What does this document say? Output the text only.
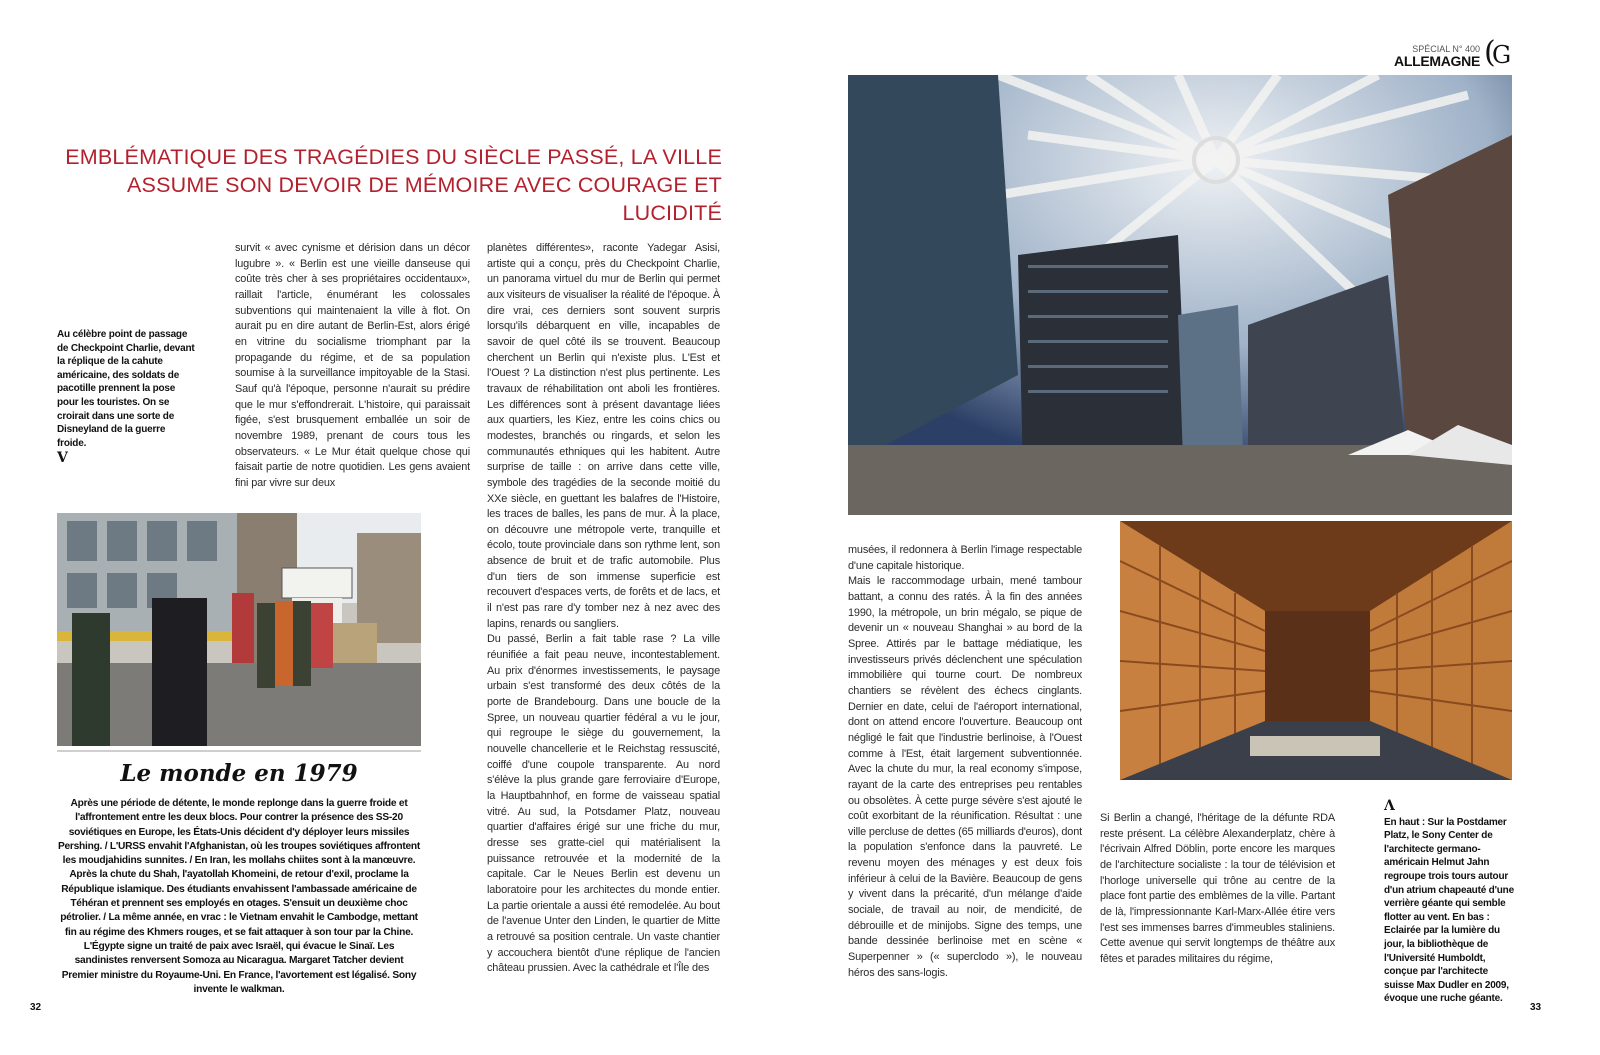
SPÉCIAL N° 400
ALLEMAGNE (
G
EMBLÉMATIQUE DES TRAGÉDIES DU SIÈCLE PASSÉ, LA VILLE
ASSUME SON DEVOIR DE MÉMOIRE AVEC COURAGE ET LUCIDITÉ
Au célèbre point de passage de Checkpoint Charlie, devant la réplique de la cahute américaine, des soldats de pacotille prennent la pose pour les touristes. On se croirait dans une sorte de Disneyland de la guerre froide.
V

survit « avec cynisme et dérision dans un décor lugubre ». « Berlin est une vieille danseuse qui coûte très cher à ses propriétaires occidentaux», raillait l'article, énumérant les colossales subventions qui maintenaient la ville à flot. On aurait pu en dire autant de Berlin-Est, alors érigé en vitrine du socialisme triomphant par la propagande du régime, et de sa population soumise à la surveillance impitoyable de la Stasi. Sauf qu'à l'époque, personne n'aurait su prédire que le mur s'effondrerait. L'histoire, qui paraissait figée, s'est brusquement emballée un soir de novembre 1989, prenant de cours tous les observateurs. « Le Mur était quelque chose qui faisait partie de notre quotidien. Les gens avaient fini par vivre sur deux

Le monde en 1979
Après une période de détente, le monde replonge dans la guerre froide et l'affrontement entre les deux blocs. Pour contrer la présence des SS-20 soviétiques en Europe, les États-Unis décident d'y déployer leurs missiles Pershing. / L'URSS envahit l'Afghanistan, où les troupes soviétiques affrontent les moudjahidins sunnites. / En Iran, les mollahs chiites sont à la manœuvre. Après la chute du Shah, l'ayatollah Khomeini, de retour d'exil, proclame la République islamique. Des étudiants envahissent l'ambassade américaine de Téhéran et prennent ses employés en otages. S'ensuit un deuxième choc pétrolier. / La même année, en vrac : le Vietnam envahit le Cambodge, mettant fin au régime des Khmers rouges, et se fait attaquer à son tour par la Chine. L'Égypte signe un traité de paix avec Israël, qui évacue le Sinaï. Les sandinistes renversent Somoza au Nicaragua. Margaret Tatcher devient Premier ministre du Royaume-Uni. En France, l'avortement est légalisé. Sony invente le walkman.

planètes différentes», raconte Yadegar Asisi, artiste qui a conçu, près du Checkpoint Charlie, un panorama virtuel du mur de Berlin qui permet aux visiteurs de visualiser la réalité de l'époque. À dire vrai, ces derniers sont souvent surpris lorsqu'ils débarquent en ville, incapables de savoir de quel côté ils se trouvent. Beaucoup cherchent un Berlin qui n'existe plus. L'Est et l'Ouest ? La distinction n'est plus pertinente. Les travaux de réhabilitation ont aboli les frontières. Les différences sont à présent davantage liées aux quartiers, les Kiez, entre les coins chics ou modestes, branchés ou ringards, et selon les communautés ethniques qui les habitent. Autre surprise de taille : on arrive dans cette ville, symbole des tragédies de la seconde moitié du XXe siècle, en guettant les balafres de l'Histoire, les traces de balles, les pans de mur. À la place, on découvre une métropole verte, tranquille et écolo, toute provinciale dans son rythme lent, son absence de bruit et de trafic automobile. Plus d'un tiers de son immense superficie est recouvert d'espaces verts, de forêts et de lacs, et il n'est pas rare d'y tomber nez à nez avec des lapins, renards ou sangliers.

Du passé, Berlin a fait table rase ? La ville réunifiée a fait peau neuve, incontestablement. Au prix d'énormes investissements, le paysage urbain s'est transformé des deux côtés de la porte de Brandebourg. Dans une boucle de la Spree, un nouveau quartier fédéral a vu le jour, qui regroupe le siège du gouvernement, la nouvelle chancellerie et le Reichstag ressuscité, coiffé d'une coupole transparente. Au nord s'élève la plus grande gare ferroviaire d'Europe, la Hauptbahnhof, en forme de vaisseau spatial vitré. Au sud, la Potsdamer Platz, nouveau quartier d'affaires érigé sur une friche du mur, dresse ses gratte-ciel qui matérialisent la puissance retrouvée et la modernité de la capitale. Car le Neues Berlin est devenu un laboratoire pour les architectes du monde entier. La partie orientale a aussi été remodelée. Au bout de l'avenue Unter den Linden, le quartier de Mitte a retrouvé sa position centrale. Un vaste chantier y accouchera bientôt d'une réplique de l'ancien château prussien. Avec la cathédrale et l'Île des

musées, il redonnera à Berlin l'image respectable d'une capitale historique.

Mais le raccommodage urbain, mené tambour battant, a connu des ratés. À la fin des années 1990, la métropole, un brin mégalo, se pique de devenir un « nouveau Shanghai » au bord de la Spree. Attirés par le battage médiatique, les investisseurs privés déclenchent une spéculation immobilière qui tourne court. De nombreux chantiers se révèlent des échecs cinglants. Dernier en date, celui de l'aéroport international, dont on attend encore l'ouverture. Beaucoup ont négligé le fait que l'industrie berlinoise, à l'Ouest comme à l'Est, était largement subventionnée. Avec la chute du mur, la real economy s'impose, rayant de la carte des entreprises peu rentables ou obsolètes. À cette purge sévère s'est ajouté le coût exorbitant de la réunification. Résultat : une ville percluse de dettes (65 milliards d'euros), dont la population s'enfonce dans la pauvreté. Le revenu moyen des ménages y est deux fois inférieur à celui de la Bavière. Beaucoup de gens y vivent dans la précarité, d'un mélange d'aide sociale, de travail au noir, de mendicité, de débrouille et de minijobs. Signe des temps, une bande dessinée berlinoise met en scène « Superpenner » (« superclodo »), le nouveau héros des sans-logis.

Si Berlin a changé, l'héritage de la défunte RDA reste présent. La célèbre Alexanderplatz, chère à l'écrivain Alfred Döblin, porte encore les marques de l'architecture socialiste : la tour de télévision et l'horloge universelle qui trône au centre de la place font partie des emblèmes de la ville. Partant de là, l'impressionnante Karl-Marx-Allée étire vers l'est ses immenses barres d'immeubles staliniens. Cette avenue qui servit longtemps de théâtre aux fêtes et parades militaires du régime,

Λ
En haut : Sur la Postdamer Platz, le Sony Center de l'architecte germano-américain Helmut Jahn regroupe trois tours autour d'un atrium chapeauté d'une verrière géante qui semble flotter au vent. En bas : Eclairée par la lumière du jour, la bibliothèque de l'Université Humboldt, conçue par l'architecte suisse Max Dudler en 2009, évoque une ruche géante.
32	33
